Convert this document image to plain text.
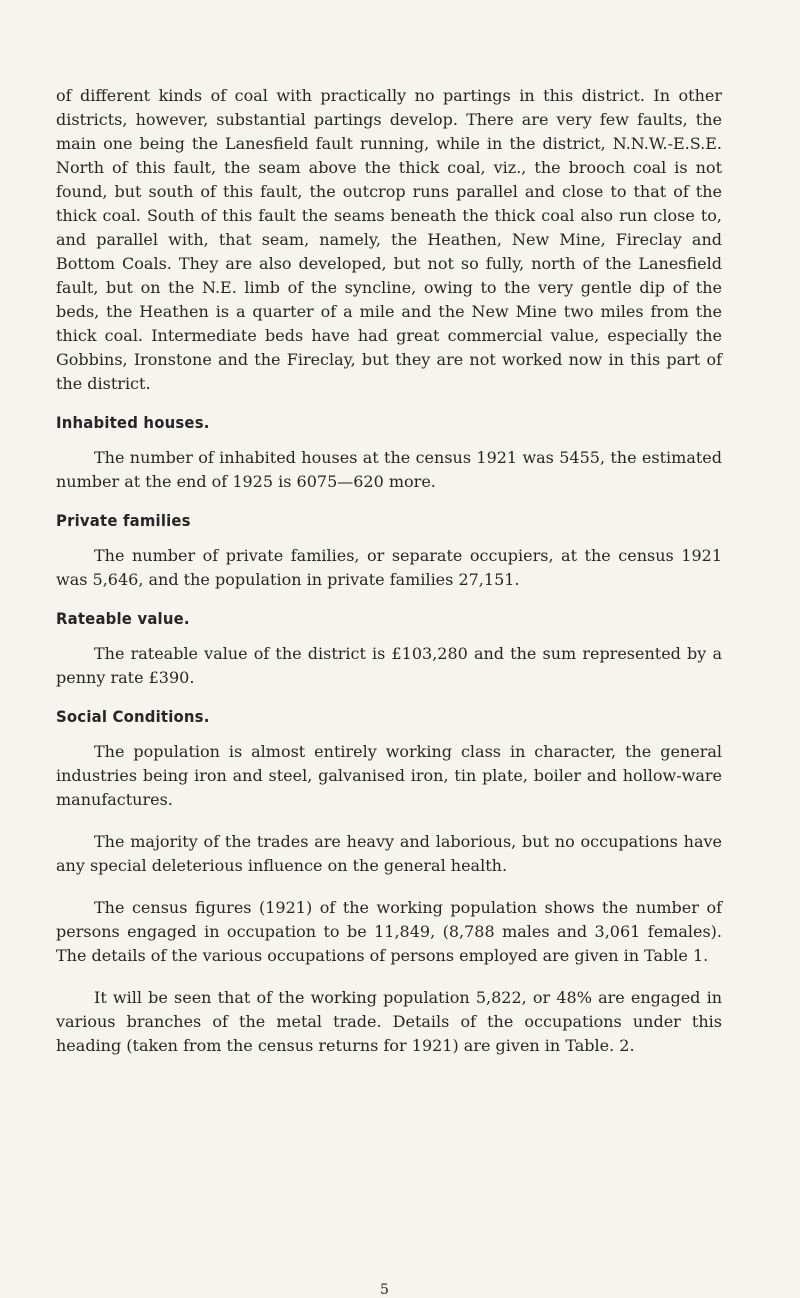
of different kinds of coal with practically no partings in this district. In other districts, however, substantial partings develop. There are very few faults, the main one being the Lanesfield fault running, while in the district, N.N.W.-E.S.E. North of this fault, the seam above the thick coal, viz., the brooch coal is not found, but south of this fault, the outcrop runs parallel and close to that of the thick coal. South of this fault the seams beneath the thick coal also run close to, and parallel with, that seam, namely, the Heathen, New Mine, Fireclay and Bottom Coals. They are also developed, but not so fully, north of the Lanesfield fault, but on the N.E. limb of the syncline, owing to the very gentle dip of the beds, the Heathen is a quarter of a mile and the New Mine two miles from the thick coal. Intermediate beds have had great commercial value, especially the Gobbins, Ironstone and the Fireclay, but they are not worked now in this part of the district.

Inhabited houses.

The number of inhabited houses at the census 1921 was 5455, the estimated number at the end of 1925 is 6075—620 more.

Private families

The number of private families, or separate occupiers, at the census 1921 was 5,646, and the population in private families 27,151.

Rateable value.

The rateable value of the district is £103,280 and the sum represented by a penny rate £390.

Social Conditions.

The population is almost entirely working class in character, the general industries being iron and steel, galvanised iron, tin plate, boiler and hollow-ware manufactures.

The majority of the trades are heavy and laborious, but no occupations have any special deleterious influence on the general health.

The census figures (1921) of the working population shows the number of persons engaged in occupation to be 11,849, (8,788 males and 3,061 females). The details of the various occupations of persons employed are given in Table 1.

It will be seen that of the working population 5,822, or 48% are engaged in various branches of the metal trade. Details of the occupations under this heading (taken from the census returns for 1921) are given in Table. 2.

5
